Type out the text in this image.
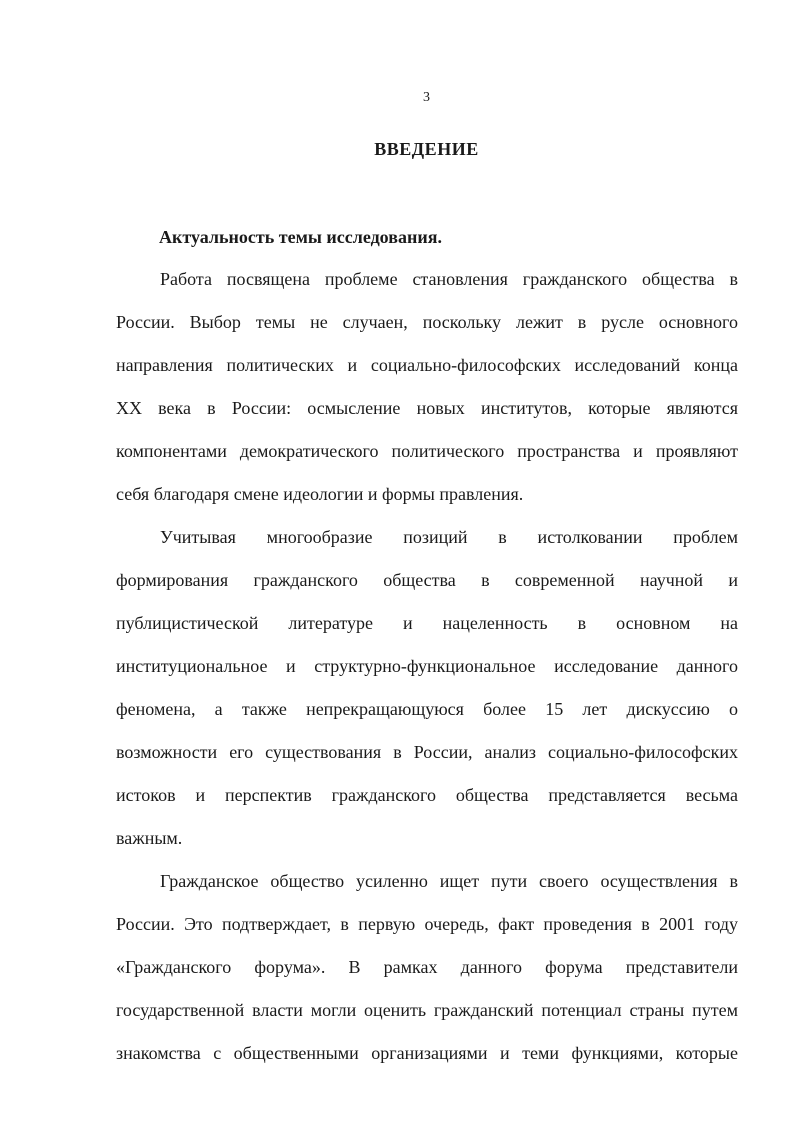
3
ВВЕДЕНИЕ
Актуальность темы исследования.
Работа посвящена проблеме становления гражданского общества в
России. Выбор темы не случаен, поскольку лежит в русле основного
направления политических и социально-философских исследований конца
XX века в России: осмысление новых институтов, которые являются
компонентами демократического политического пространства и проявляют
себя благодаря смене идеологии и формы правления.
Учитывая многообразие позиций в истолковании проблем
формирования гражданского общества в современной научной и
публицистической литературе и нацеленность в основном на
институциональное и структурно-функциональное исследование данного
феномена, а также непрекращающуюся более 15 лет дискуссию о
возможности его существования в России, анализ социально-философских
истоков и перспектив гражданского общества представляется весьма
важным.
Гражданское общество усиленно ищет пути своего осуществления в
России. Это подтверждает, в первую очередь, факт проведения в 2001 году
«Гражданского форума». В рамках данного форума представители
государственной власти могли оценить гражданский потенциал страны путем
знакомства с общественными организациями и теми функциями, которые
